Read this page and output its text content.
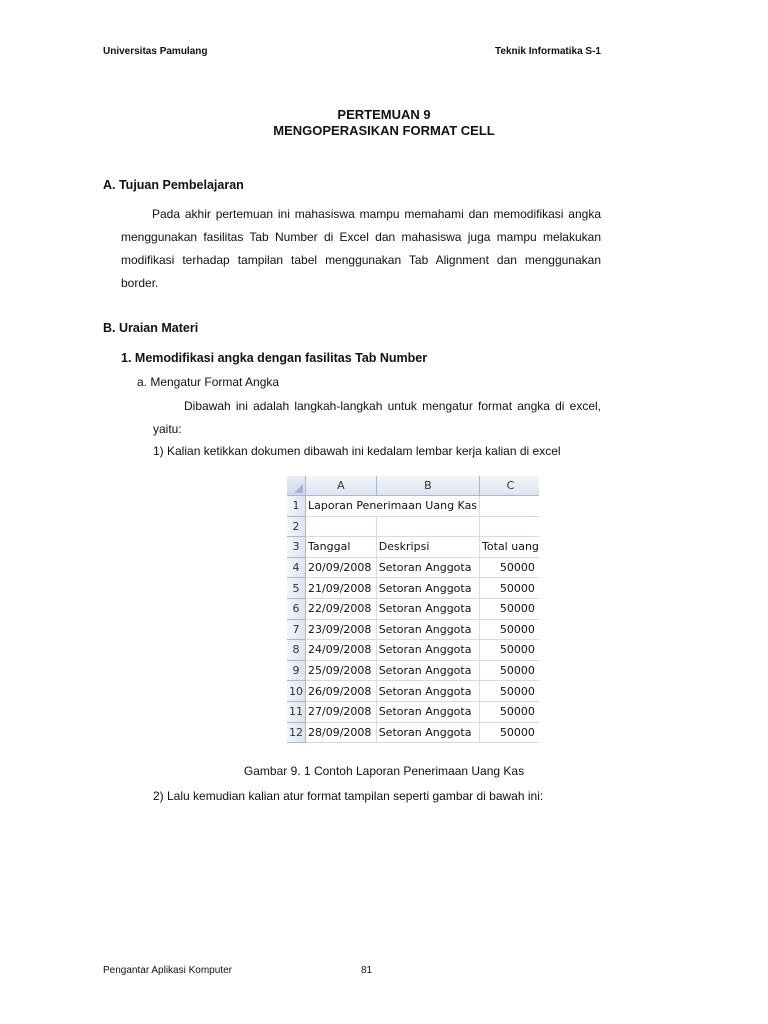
Universitas Pamulang	Teknik Informatika S-1
PERTEMUAN 9
MENGOPERASIKAN FORMAT CELL
A. Tujuan Pembelajaran

Pada akhir pertemuan ini mahasiswa mampu memahami dan memodifikasi angka menggunakan fasilitas Tab Number di Excel dan mahasiswa juga mampu melakukan modifikasi terhadap tampilan tabel menggunakan Tab Alignment dan menggunakan border.

B. Uraian Materi
1. Memodifikasi angka dengan fasilitas Tab Number
a. Mengatur Format Angka

Dibawah ini adalah langkah-langkah untuk mengatur format angka di excel, yaitu:

1) Kalian ketikkan dokumen dibawah ini kedalam lembar kerja kalian di excel
	A	B	C	
1	Laporan Penerimaan Uang Kas			
2				
3	Tanggal	Deskripsi	Total uang	
4	20/09/2008	Setoran Anggota	50000	
5	21/09/2008	Setoran Anggota	50000	
6	22/09/2008	Setoran Anggota	50000	
7	23/09/2008	Setoran Anggota	50000	
8	24/09/2008	Setoran Anggota	50000	
9	25/09/2008	Setoran Anggota	50000	
10	26/09/2008	Setoran Anggota	50000	
11	27/09/2008	Setoran Anggota	50000	
12	28/09/2008	Setoran Anggota	50000	
Gambar 9. 1 Contoh Laporan Penerimaan Uang Kas
2) Lalu kemudian kalian atur format tampilan seperti gambar di bawah ini:
Pengantar Aplikasi Komputer	81
